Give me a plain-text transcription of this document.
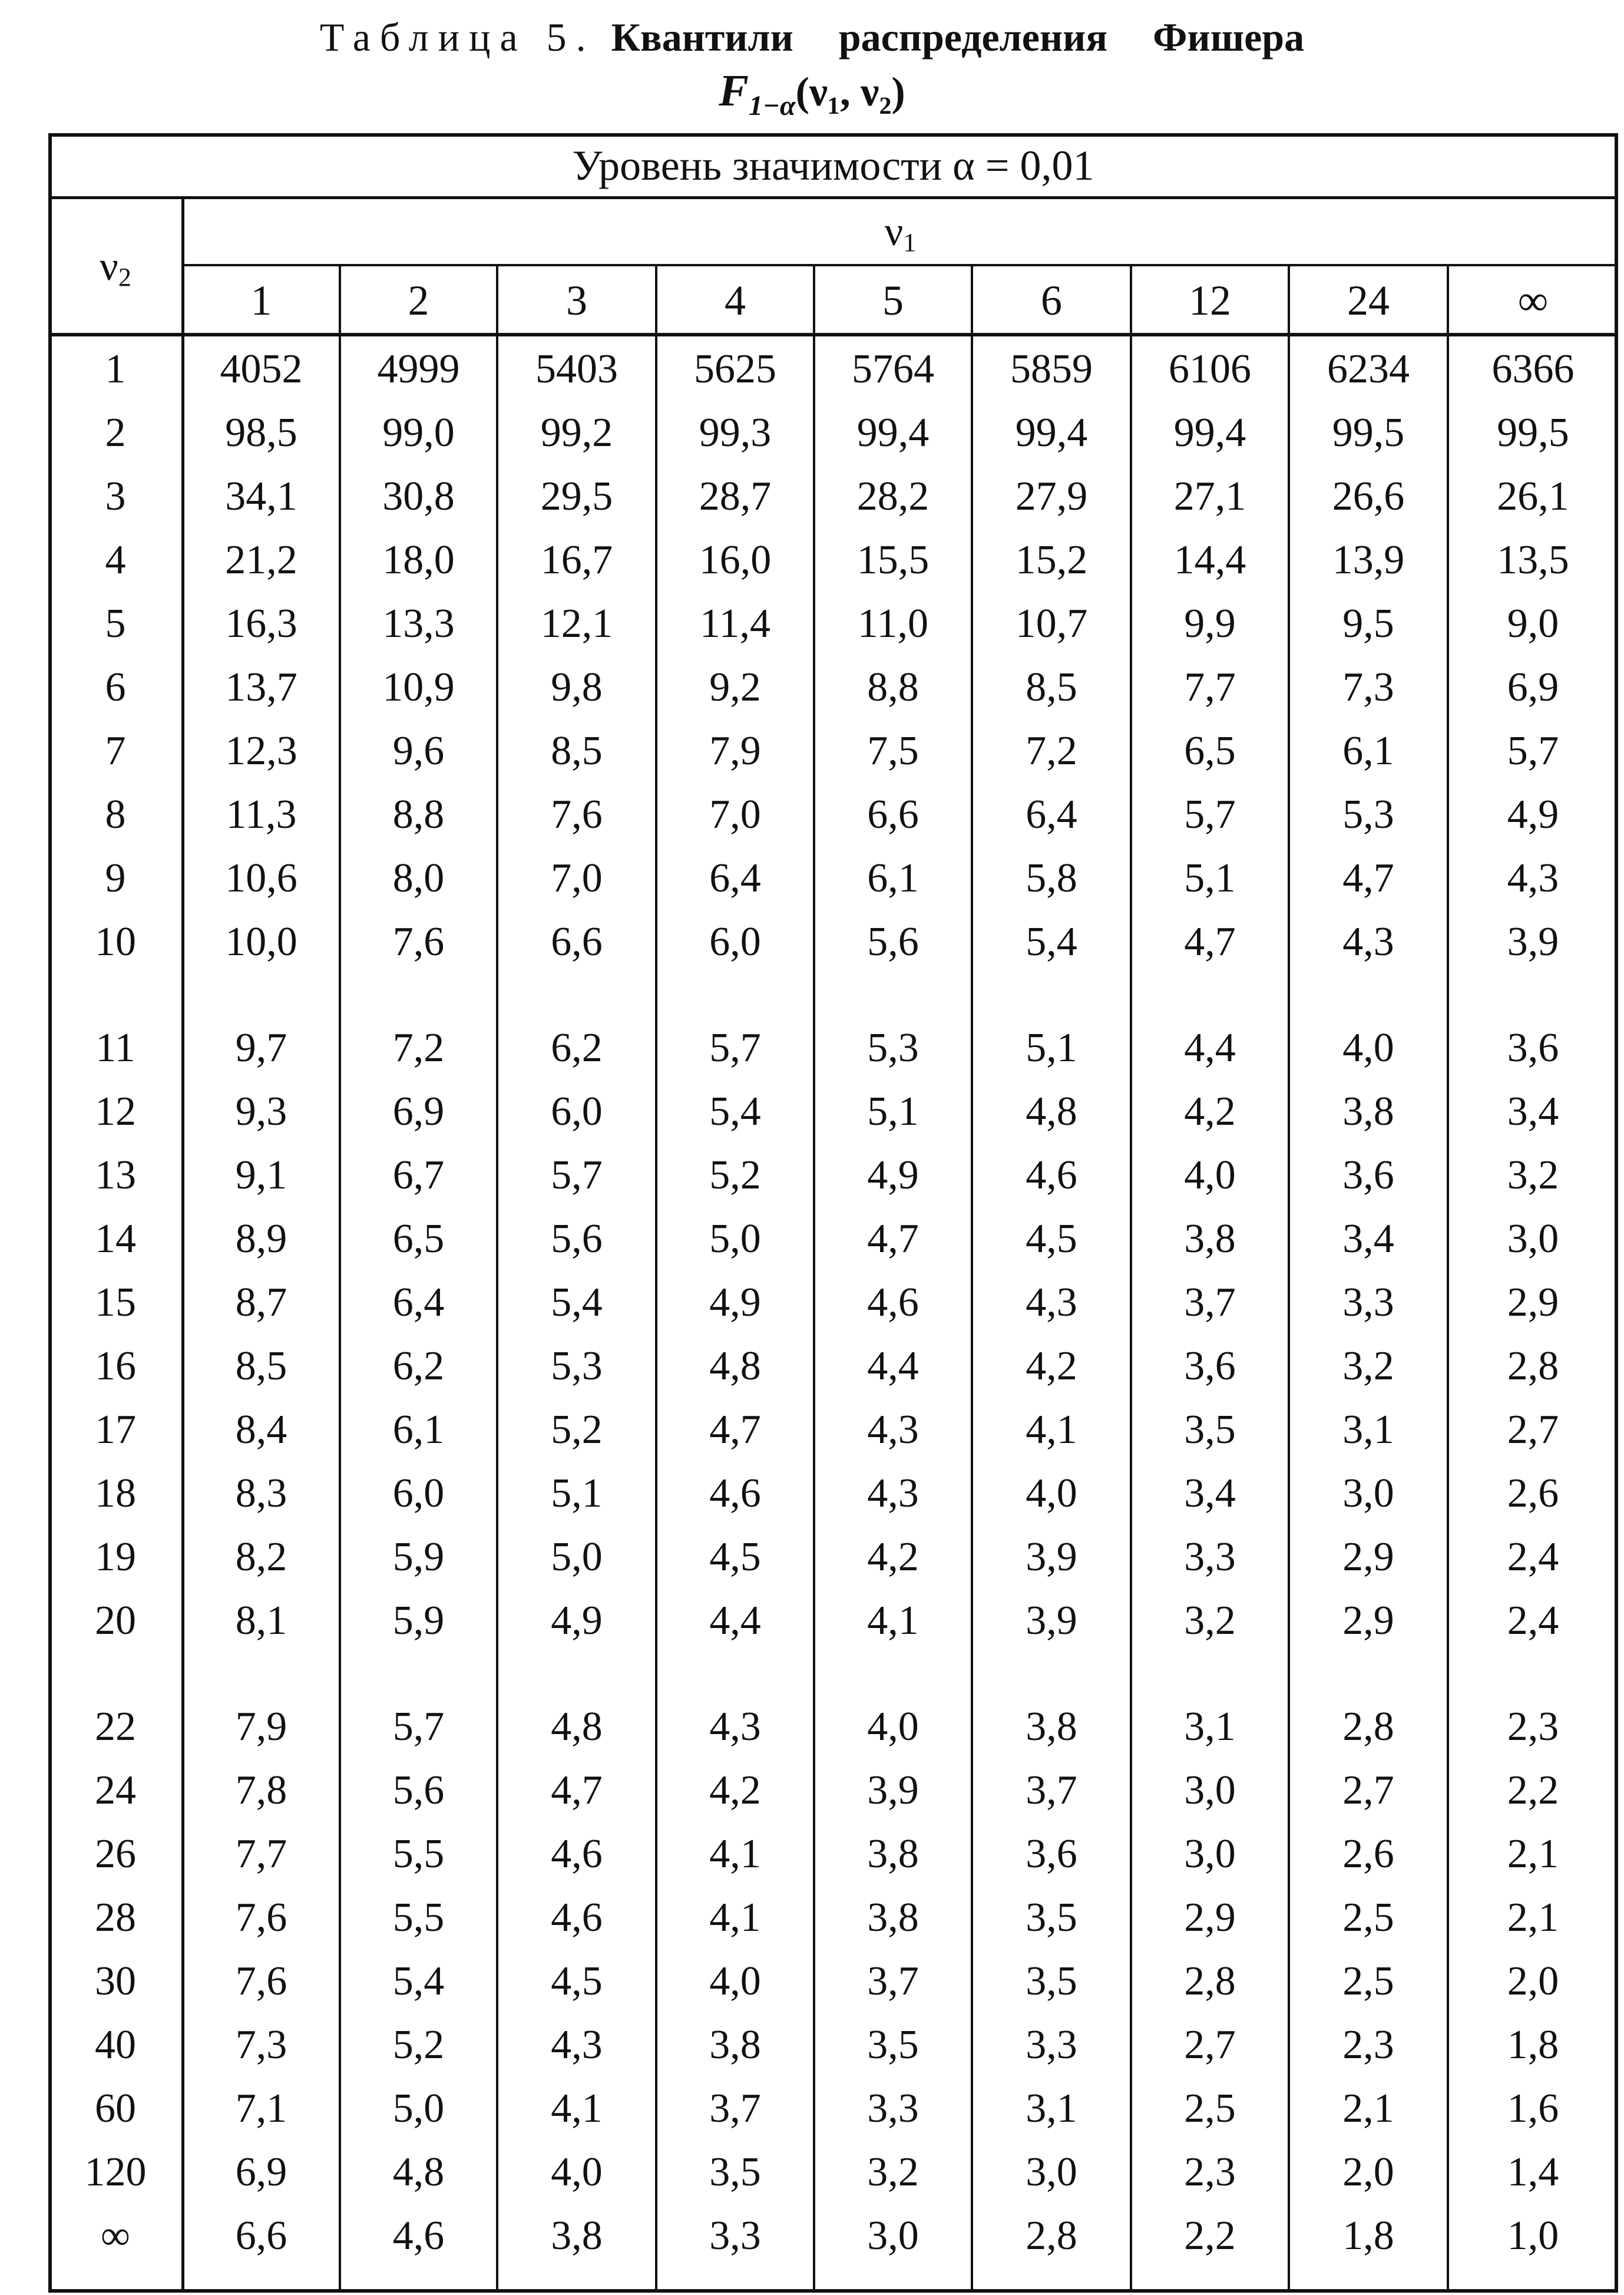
Таблица 5. Квантили распределения Фишера
$F_{1-\alpha}(\nu_1$, ν₂)
Уровень значимости α = 0,01
$\nu_2$
$\nu_1$
1	2	3	4	5	6	12	24	∞
1	4052	4999	5403	5625	5764	5859	6106	6234	6366
2	98,5	99,0	99,2	99,3	99,4	99,4	99,4	99,5	99,5
3	34,1	30,8	29,5	28,7	28,2	27,9	27,1	26,6	26,1
4	21,2	18,0	16,7	16,0	15,5	15,2	14,4	13,9	13,5
5	16,3	13,3	12,1	11,4	11,0	10,7	9,9	9,5	9,0
6	13,7	10,9	9,8	9,2	8,8	8,5	7,7	7,3	6,9
7	12,3	9,6	8,5	7,9	7,5	7,2	6,5	6,1	5,7
8	11,3	8,8	7,6	7,0	6,6	6,4	5,7	5,3	4,9
9	10,6	8,0	7,0	6,4	6,1	5,8	5,1	4,7	4,3
10	10,0	7,6	6,6	6,0	5,6	5,4	4,7	4,3	3,9
11	9,7	7,2	6,2	5,7	5,3	5,1	4,4	4,0	3,6
12	9,3	6,9	6,0	5,4	5,1	4,8	4,2	3,8	3,4
13	9,1	6,7	5,7	5,2	4,9	4,6	4,0	3,6	3,2
14	8,9	6,5	5,6	5,0	4,7	4,5	3,8	3,4	3,0
15	8,7	6,4	5,4	4,9	4,6	4,3	3,7	3,3	2,9
16	8,5	6,2	5,3	4,8	4,4	4,2	3,6	3,2	2,8
17	8,4	6,1	5,2	4,7	4,3	4,1	3,5	3,1	2,7
18	8,3	6,0	5,1	4,6	4,3	4,0	3,4	3,0	2,6
19	8,2	5,9	5,0	4,5	4,2	3,9	3,3	2,9	2,4
20	8,1	5,9	4,9	4,4	4,1	3,9	3,2	2,9	2,4
22	7,9	5,7	4,8	4,3	4,0	3,8	3,1	2,8	2,3
24	7,8	5,6	4,7	4,2	3,9	3,7	3,0	2,7	2,2
26	7,7	5,5	4,6	4,1	3,8	3,6	3,0	2,6	2,1
28	7,6	5,5	4,6	4,1	3,8	3,5	2,9	2,5	2,1
30	7,6	5,4	4,5	4,0	3,7	3,5	2,8	2,5	2,0
40	7,3	5,2	4,3	3,8	3,5	3,3	2,7	2,3	1,8
60	7,1	5,0	4,1	3,7	3,3	3,1	2,5	2,1	1,6
120	6,9	4,8	4,0	3,5	3,2	3,0	2,3	2,0	1,4
∞	6,6	4,6	3,8	3,3	3,0	2,8	2,2	1,8	1,0
